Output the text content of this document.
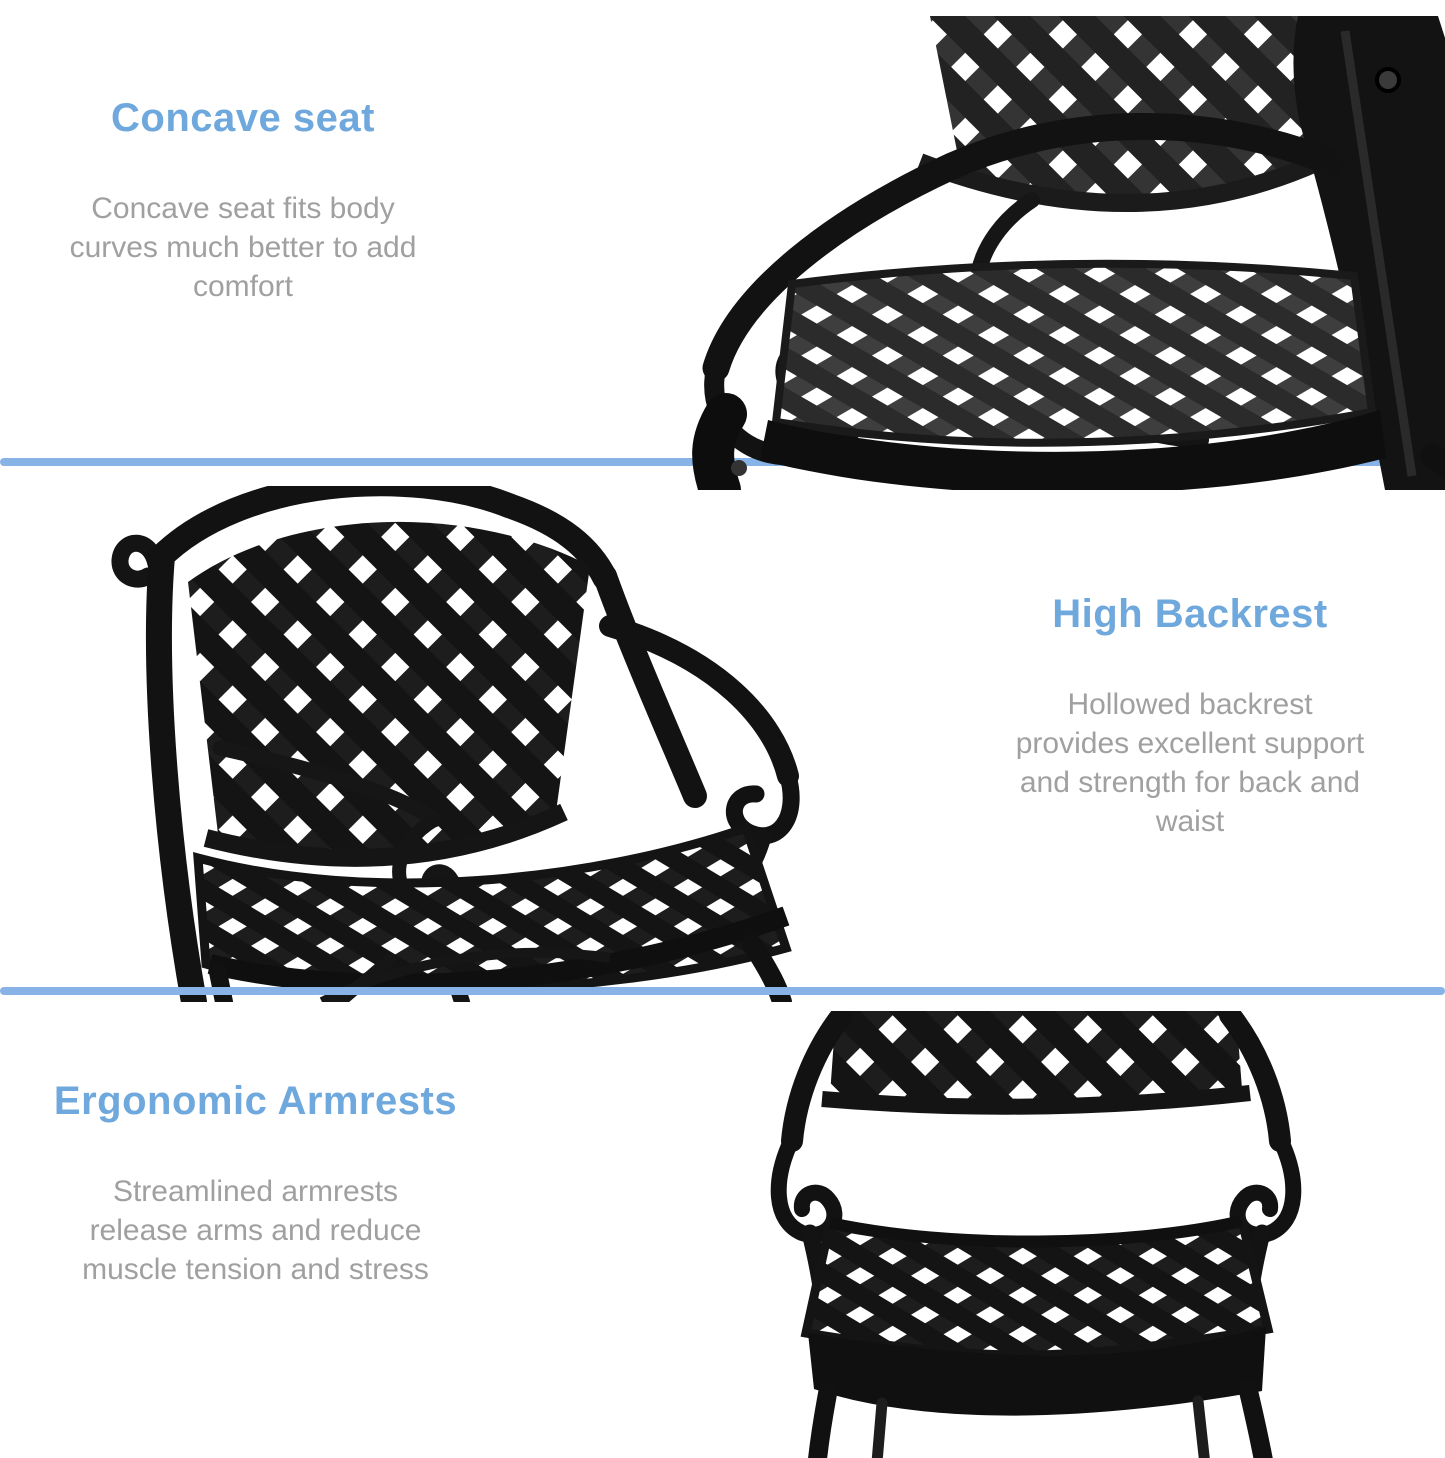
Concave seat

Concave seat fits body
curves much better to add
comfort

High Backrest

Hollowed backrest
provides excellent support
and strength for back and
waist

Ergonomic Armrests

Streamlined armrests
release arms and reduce
muscle tension and stress
